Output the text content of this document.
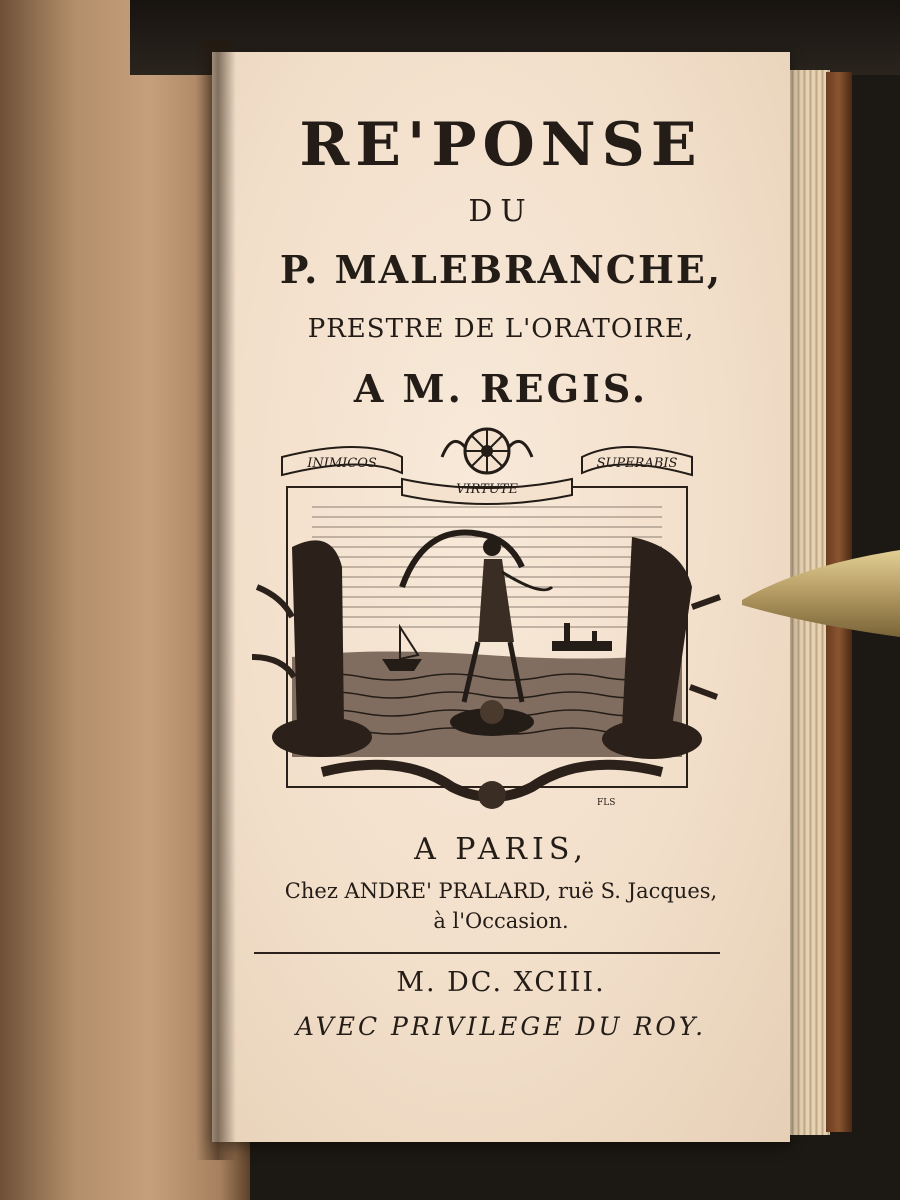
RE'PONSE
DU
P. MALEBRANCHE,
PRESTRE DE L'ORATOIRE,
A M. REGIS.
FLS
INIMICOS	SUPERABIS
VIRTUTE
A PARIS,
Chez ANDRE' PRALARD, ruë S. Jacques,
à l'Occasion.
M. DC. XCIII.
AVEC PRIVILEGE DU ROY.
